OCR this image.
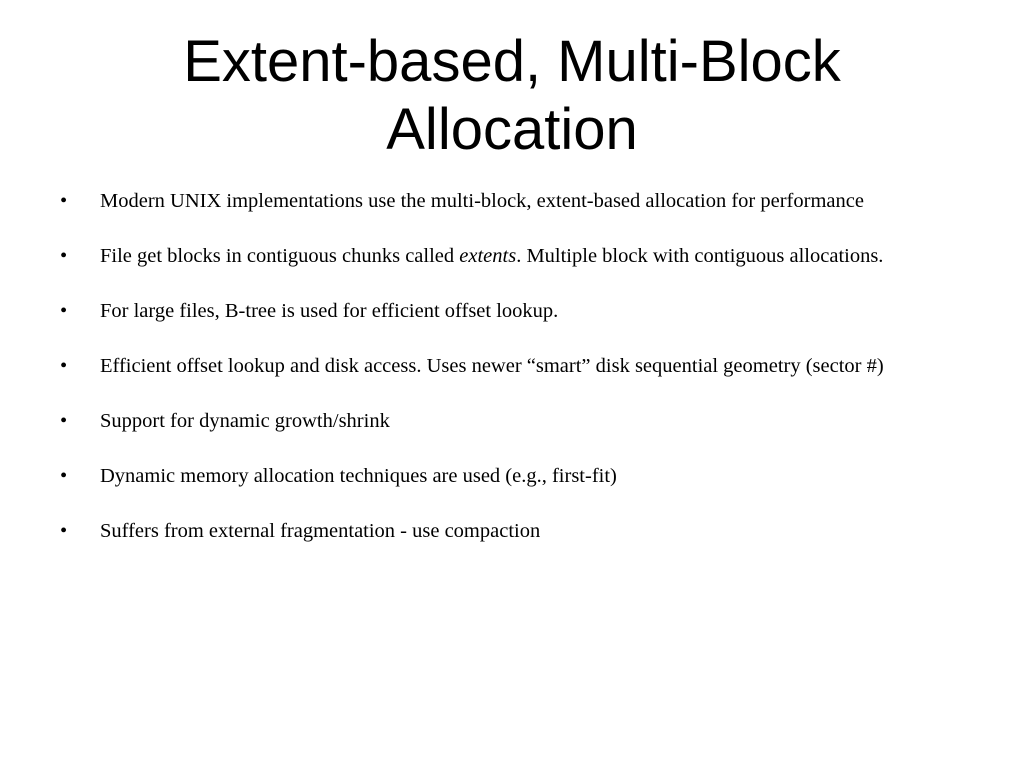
Extent-based, Multi-Block Allocation
•	Modern UNIX implementations use the multi-block, extent-based allocation for performance
•	File get blocks in contiguous chunks called extents. Multiple block with contiguous allocations.
•	For large files, B-tree is used for efficient offset lookup.
•	Efficient offset lookup and disk access. Uses newer “smart” disk sequential geometry (sector #)
•	Support for dynamic growth/shrink
•	Dynamic memory allocation techniques are used (e.g., first-fit)
•	Suffers from external fragmentation - use compaction
